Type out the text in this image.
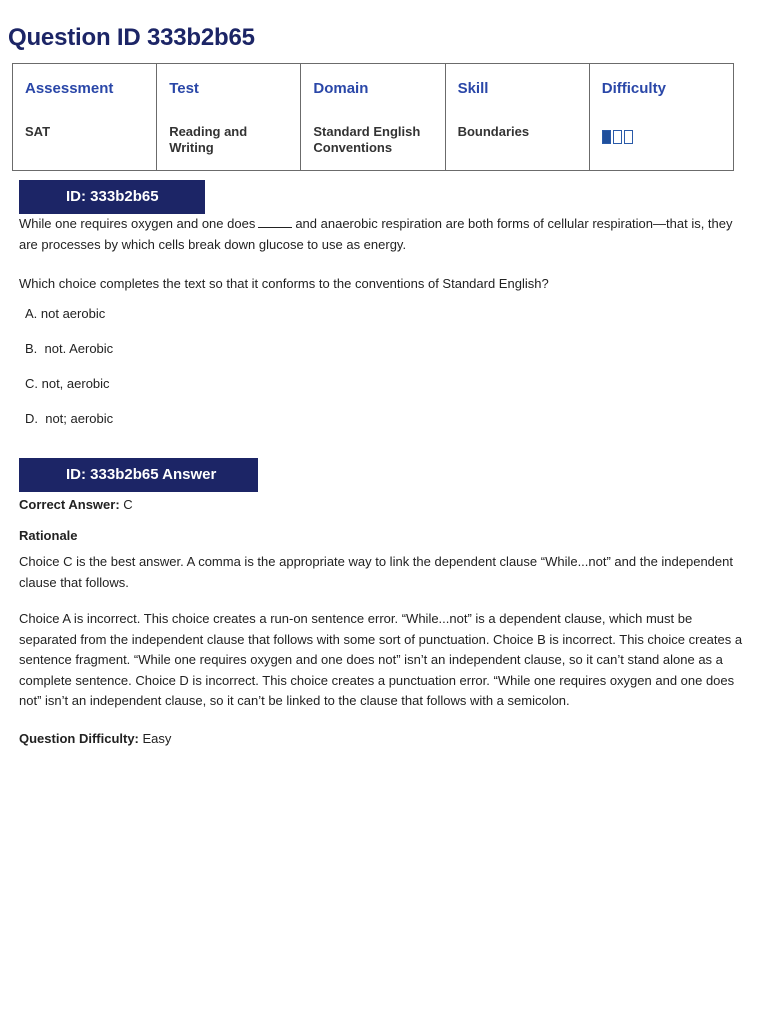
Question ID 333b2b65
Assessment	Test	Domain	Skill	Difficulty
SAT	Reading and Writing	Standard English Conventions	Boundaries	
ID: 333b2b65

While one requires oxygen and one does	and anaerobic respiration are both forms of cellular respiration—that is, they are processes by which cells break down glucose to use as energy.

Which choice completes the text so that it conforms to the conventions of Standard English?

A. not aerobic
B.  not. Aerobic
C. not, aerobic
D.  not; aerobic
ID: 333b2b65 Answer

Correct Answer: C

Rationale

Choice C is the best answer. A comma is the appropriate way to link the dependent clause “While...not” and the independent clause that follows.

Choice A is incorrect. This choice creates a run-on sentence error. “While...not” is a dependent clause, which must be separated from the independent clause that follows with some sort of punctuation. Choice B is incorrect. This choice creates a sentence fragment. “While one requires oxygen and one does not” isn’t an independent clause, so it can’t stand alone as a complete sentence. Choice D is incorrect. This choice creates a punctuation error. “While one requires oxygen and one does not” isn’t an independent clause, so it can’t be linked to the clause that follows with a semicolon.

Question Difficulty: Easy
